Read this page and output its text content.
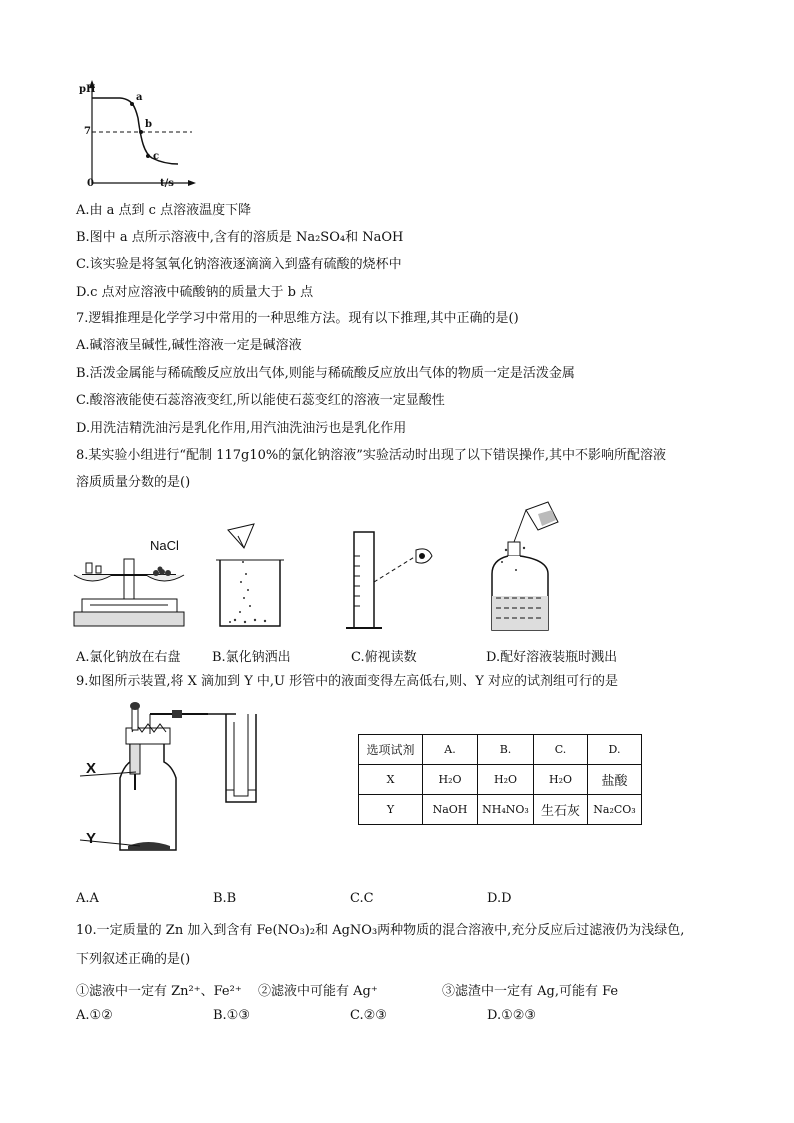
pH
7
0	t/s
a
b
c
A.由 a 点到 c 点溶液温度下降
B.图中 a 点所示溶液中,含有的溶质是 Na₂SO₄和 NaOH
C.该实验是将氢氧化钠溶液逐滴滴入到盛有硫酸的烧杯中
D.c 点对应溶液中硫酸钠的质量大于 b 点
7.逻辑推理是化学学习中常用的一种思维方法。现有以下推理,其中正确的是()
A.碱溶液呈碱性,碱性溶液一定是碱溶液
B.活泼金属能与稀硫酸反应放出气体,则能与稀硫酸反应放出气体的物质一定是活泼金属
C.酸溶液能使石蕊溶液变红,所以能使石蕊变红的溶液一定显酸性
D.用洗洁精洗油污是乳化作用,用汽油洗油污也是乳化作用
8.某实验小组进行“配制 117g10%的氯化钠溶液”实验活动时出现了以下错误操作,其中不影响所配溶液
溶质质量分数的是()
NaCl
A.氯化钠放在右盘 B.氯化钠洒出	C.俯视读数	D.配好溶液装瓶时溅出
9.如图所示装置,将 X 滴加到 Y 中,U 形管中的液面变得左高低右,则、Y 对应的试剂组可行的是
X
Y
选项试剂	A.	B.	C.	D.
X	H₂O	H₂O	H₂O	盐酸
Y	NaOH	NH₄NO₃	生石灰	Na₂CO₃
A.A	B.B	C.C	D.D
10.一定质量的 Zn 加入到含有 Fe(NO₃)₂和 AgNO₃两种物质的混合溶液中,充分反应后过滤液仍为浅绿色,
下列叙述正确的是()
①滤液中一定有 Zn²⁺、Fe²⁺ ②滤液中可能有 Ag⁺	③滤渣中一定有 Ag,可能有 Fe
A.①②	B.①③	C.②③	D.①②③
